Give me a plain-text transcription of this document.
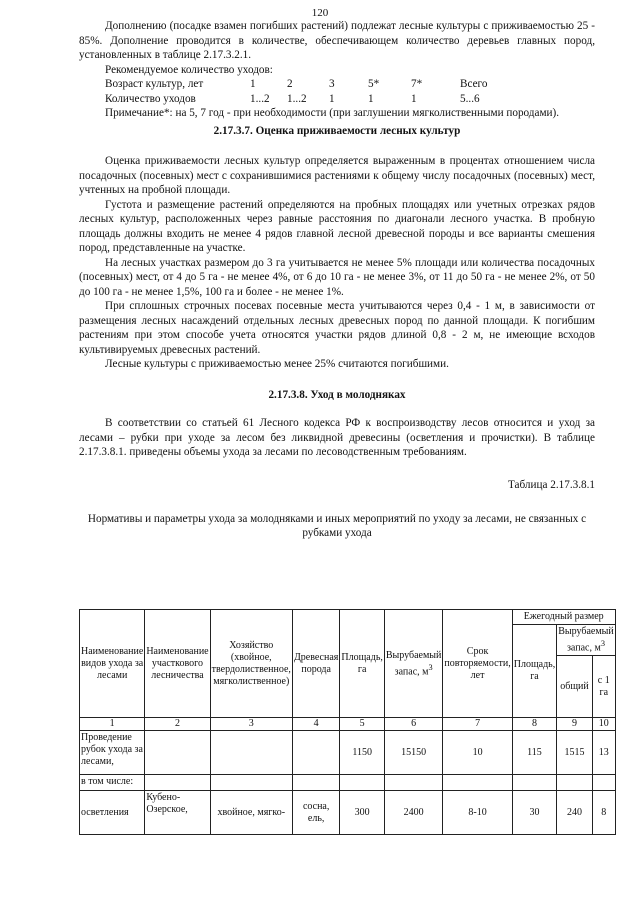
120

Дополнению (посадке взамен погибших растений) подлежат лесные культуры с приживаемостью 25 - 85%. Дополнение проводится в количестве, обеспечивающем количество деревьев главных пород, установленных в таблице 2.17.3.2.1.

Рекомендуемое количество уходов:

Возраст культур, лет	1	2	3	5*	7*	Всего
Количество уходов	1...2	1...2	1	1	1	5...6

Примечание*: на 5, 7 год - при необходимости (при заглушении мягколиственными породами).

2.17.3.7. Оценка приживаемости лесных культур

Оценка приживаемости лесных культур определяется выраженным в процентах отношением числа посадочных (посевных) мест с сохранившимися растениями к общему числу посадочных (посевных) мест, учтенных на пробной площади.

Густота и размещение растений определяются на пробных площадях или учетных отрезках рядов лесных культур, расположенных через равные расстояния по диагонали лесного участка. В пробную площадь должны входить не менее 4 рядов главной лесной древесной породы и все варианты смешения пород, представленные на участке.

На лесных участках размером до 3 га учитывается не менее 5% площади или количества посадочных (посевных) мест, от 4 до 5 га - не менее 4%, от 6 до 10 га - не менее 3%, от 11 до 50 га - не менее 2%, от 50 до 100 га - не менее 1,5%, 100 га и более - не менее 1%.

При сплошных строчных посевах посевные места учитываются через 0,4 - 1 м, в зависимости от размещения лесных насаждений отдельных лесных древесных пород по данной площади. К погибшим растениям при этом способе учета относятся участки рядов длиной 0,8 - 2 м, не имеющие всходов культивируемых древесных растений.

Лесные культуры с приживаемостью менее 25% считаются погибшими.

2.17.3.8. Уход в молодняках

В соответствии со статьей 61 Лесного кодекса РФ к воспроизводству лесов относится и уход за лесами – рубки при уходе за лесом без ликвидной древесины (осветления и прочистки). В таблице 2.17.3.8.1. приведены объемы ухода за лесами по лесоводственным требованиям.

Таблица 2.17.3.8.1

Нормативы и параметры ухода за молодняками и иных мероприятий по уходу за лесами, не связанных с рубками ухода

Наименование видов ухода за лесами	Наименование участкового лесничества	Хозяйство (хвойное, твердолиственное, мягколиственное)	Древесная порода	Площадь, га	Вырубаемый запас, $м^3$	Срок повторяемости, лет	Ежегодный размер		
							Площадь, га	Вырубаемый запас, $м^3$
								общий	с 1 га
1	2	3	4	5	6	7	8	9	10
Проведение рубок ухода за лесами,				1150	15150	10	115	1515	13
в том числе:									
осветления	Кубено-Озерское,	хвойное, мягко-	сосна, ель,	300	2400	8-10	30	240	8
